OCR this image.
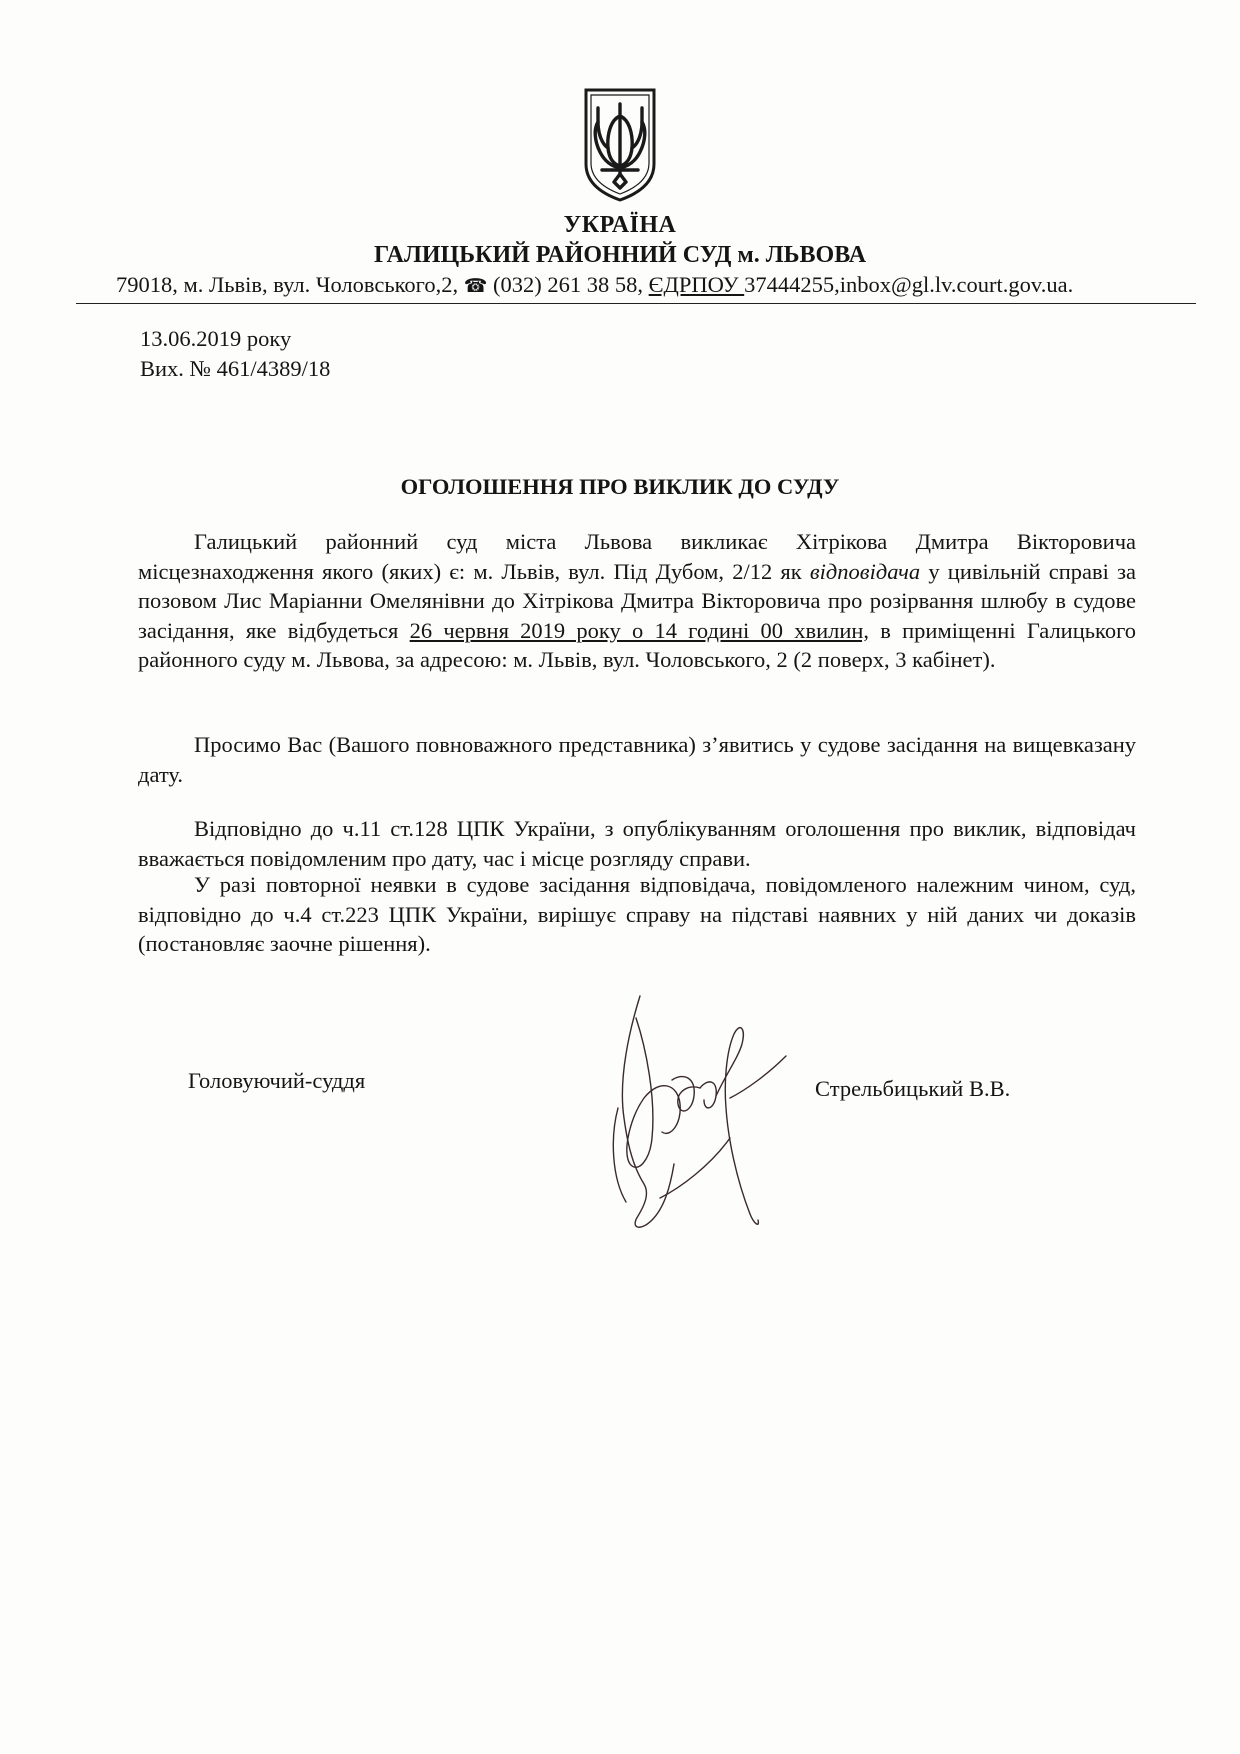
УКРАЇНА
ГАЛИЦЬКИЙ РАЙОННИЙ СУД м. ЛЬВОВА
79018, м. Львів, вул. Чоловського,2, ☎ (032) 261 38 58, ЄДРПОУ 37444255,inbox@gl.lv.court.gov.ua.
13.06.2019 року
Вих. № 461/4389/18
ОГОЛОШЕННЯ ПРО ВИКЛИК ДО СУДУ
Галицький районний суд міста Львова викликає Хітрікова Дмитра Вікторовича місцезнаходження якого (яких) є: м. Львів, вул. Під Дубом, 2/12 як відповідача у цивільній справі за позовом Лис Маріанни Омелянівни до Хітрікова Дмитра Вікторовича про розірвання шлюбу в судове засідання, яке відбудеться 26 червня 2019 року о 14 годині 00 хвилин, в приміщенні Галицького районного суду м. Львова, за адресою: м. Львів, вул. Чоловського, 2 (2 поверх, 3 кабінет).
Просимо Вас (Вашого повноважного представника) з’явитись у судове засідання на вищевказану дату.
Відповідно до ч.11 ст.128 ЦПК України, з опублікуванням оголошення про виклик, відповідач вважається повідомленим про дату, час і місце розгляду справи.
У разі повторної неявки в судове засідання відповідача, повідомленого належним чином, суд, відповідно до ч.4 ст.223 ЦПК України, вирішує справу на підставі наявних у ній даних чи доказів (постановляє заочне рішення).
Головуючий-суддя	Стрельбицький В.В.
